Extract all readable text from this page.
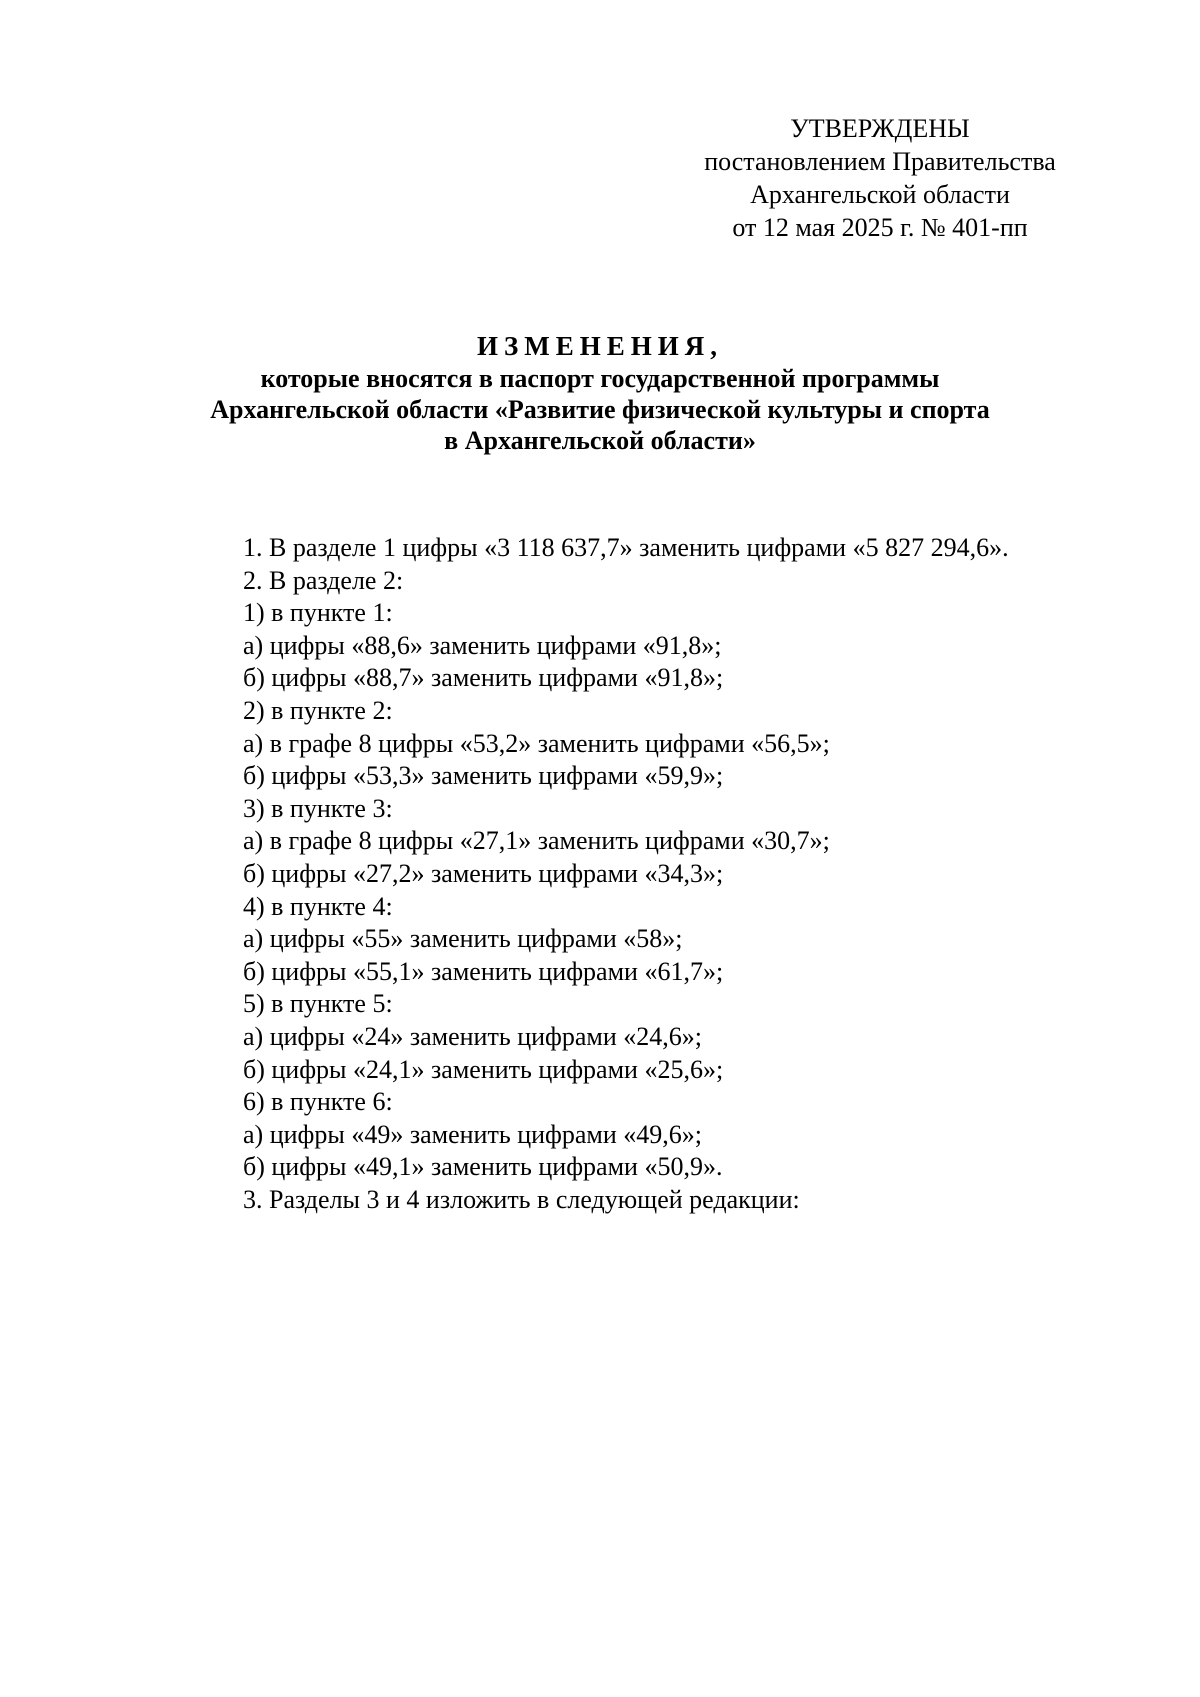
УТВЕРЖДЕНЫ
постановлением Правительства
Архангельской области
от 12 мая 2025 г. № 401-пп
ИЗМЕНЕНИЯ,
которые вносятся в паспорт государственной программы
Архангельской области «Развитие физической культуры и спорта
в Архангельской области»
1. В разделе 1 цифры «3 118 637,7» заменить цифрами «5 827 294,6».
2. В разделе 2:
1) в пункте 1:
а) цифры «88,6» заменить цифрами «91,8»;
б) цифры «88,7» заменить цифрами «91,8»;
2) в пункте 2:
а) в графе 8 цифры «53,2» заменить цифрами «56,5»;
б) цифры «53,3» заменить цифрами «59,9»;
3) в пункте 3:
а) в графе 8 цифры «27,1» заменить цифрами «30,7»;
б) цифры «27,2» заменить цифрами «34,3»;
4) в пункте 4:
а) цифры «55» заменить цифрами «58»;
б) цифры «55,1» заменить цифрами «61,7»;
5) в пункте 5:
а) цифры «24» заменить цифрами «24,6»;
б) цифры «24,1» заменить цифрами «25,6»;
6) в пункте 6:
а) цифры «49» заменить цифрами «49,6»;
б) цифры «49,1» заменить цифрами «50,9».
3. Разделы 3 и 4 изложить в следующей редакции:
